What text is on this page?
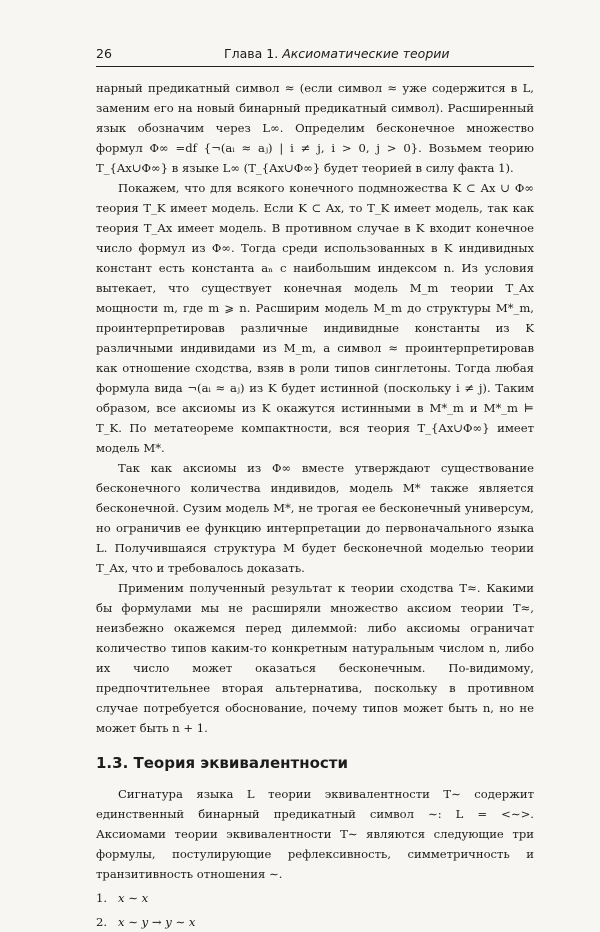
26	Глава 1. Аксиоматические теории

нарный предикатный символ ≈ (если символ ≈ уже содержится в L, заменим его на новый бинарный предикатный символ). Расширенный язык обозначим через L∞. Определим бесконечное множество формул Φ∞ =df {¬(aᵢ ≈ aⱼ) | i ≠ j, i > 0, j > 0}. Возьмем теорию T_{Ax∪Φ∞} в языке L∞ (T_{Ax∪Φ∞} будет теорией в силу факта 1).

Покажем, что для всякого конечного подмножества K ⊂ Ax ∪ Φ∞ теория T_K имеет модель. Если K ⊂ Ax, то T_K имеет модель, так как теория T_Ax имеет модель. В противном случае в K входит конечное число формул из Φ∞. Тогда среди использованных в K индивидных констант есть константа aₙ с наибольшим индексом n. Из условия вытекает, что существует конечная модель M_m теории T_Ax мощности m, где m ⩾ n. Расширим модель M_m до структуры M*_m, проинтерпретировав различные индивидные константы из K различными индивидами из M_m, а символ ≈ проинтерпретировав как отношение сходства, взяв в роли типов синглетоны. Тогда любая формула вида ¬(aᵢ ≈ aⱼ) из K будет истинной (поскольку i ≠ j). Таким образом, все аксиомы из K окажутся истинными в M*_m и M*_m ⊨ T_K. По метатеореме компактности, вся теория T_{Ax∪Φ∞} имеет модель M*.

Так как аксиомы из Φ∞ вместе утверждают существование бесконечного количества индивидов, модель M* также является бесконечной. Сузим модель M*, не трогая ее бесконечный универсум, но ограничив ее функцию интерпретации до первоначального языка L. Получившаяся структура M будет бесконечной моделью теории T_Ax, что и требовалось доказать.

Применим полученный результат к теории сходства T≈. Какими бы формулами мы не расширяли множество аксиом теории T≈, неизбежно окажемся перед дилеммой: либо аксиомы ограничат количество типов каким-то конкретным натуральным числом n, либо их число может оказаться бесконечным. По-видимому, предпочтительнее вторая альтернатива, поскольку в противном случае потребуется обоснование, почему типов может быть n, но не может быть n + 1.

1.3. Теория эквивалентности

Сигнатура языка L теории эквивалентности T∼ содержит единственный бинарный предикатный символ ∼: L = <∼>. Аксиомами теории эквивалентности T∼ являются следующие три формулы, постулирующие рефлексивность, симметричность и транзитивность отношения ∼.

1. x ∼ x
2. x ∼ y → y ∼ x
